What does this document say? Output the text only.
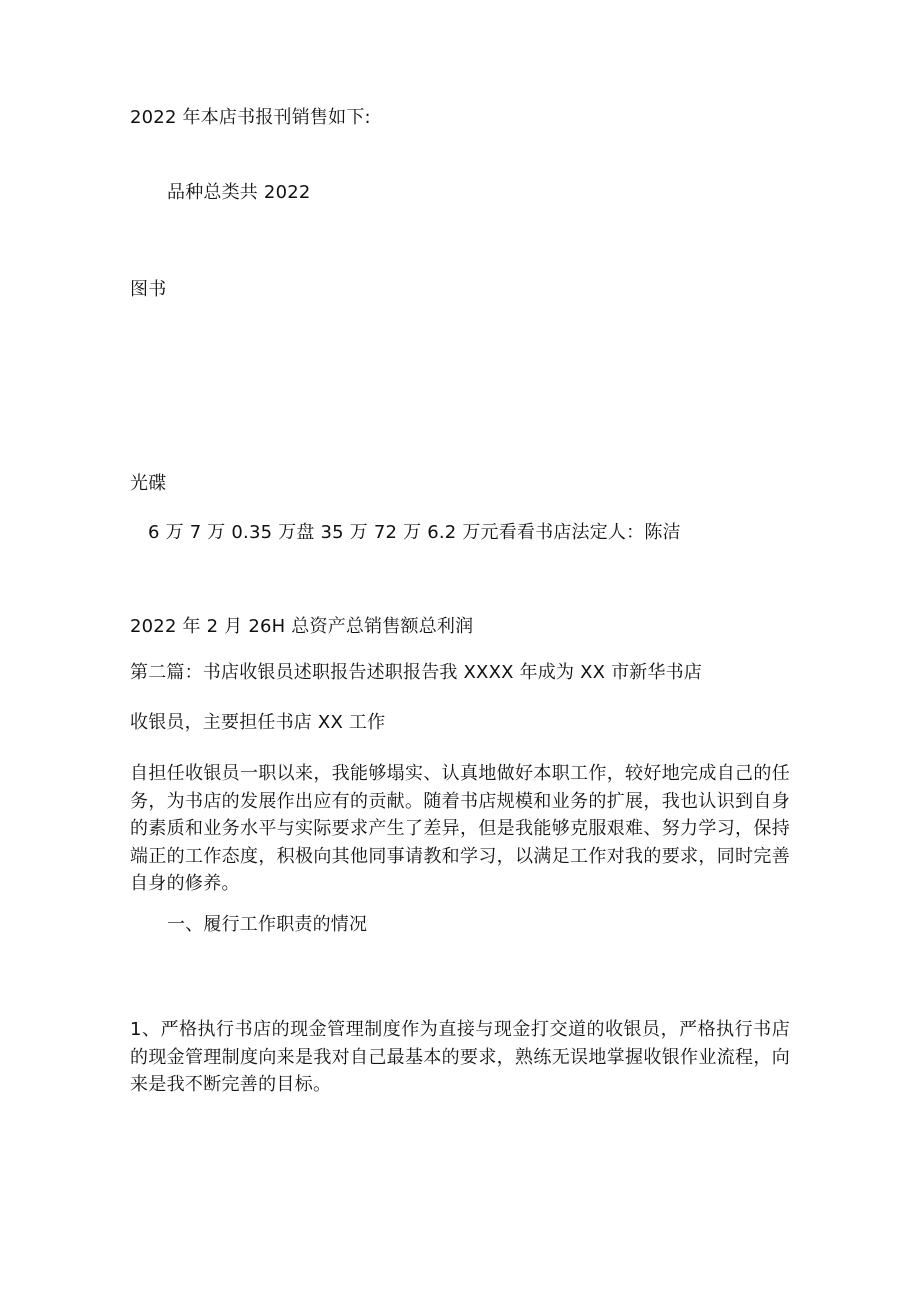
2022 年本店书报刊销售如下:
品种总类共 2022
图书
光碟
6 万 7 万 0.35 万盘 35 万 72 万 6.2 万元看看书店法定人：陈洁
2022 年 2 月 26H 总资产总销售额总利润
第二篇：书店收银员述职报告述职报告我 XXXX 年成为 XX 市新华书店
收银员，主要担任书店 XX 工作
自担任收银员一职以来，我能够塌实、认真地做好本职工作，较好地完成自己的任务，为书店的发展作出应有的贡献。随着书店规模和业务的扩展，我也认识到自身的素质和业务水平与实际要求产生了差异，但是我能够克服艰难、努力学习，保持端正的工作态度，积极向其他同事请教和学习，以满足工作对我的要求，同时完善自身的修养。
一、履行工作职责的情况
1、严格执行书店的现金管理制度作为直接与现金打交道的收银员，严格执行书店的现金管理制度向来是我对自己最基本的要求，熟练无误地掌握收银作业流程，向来是我不断完善的目标。
